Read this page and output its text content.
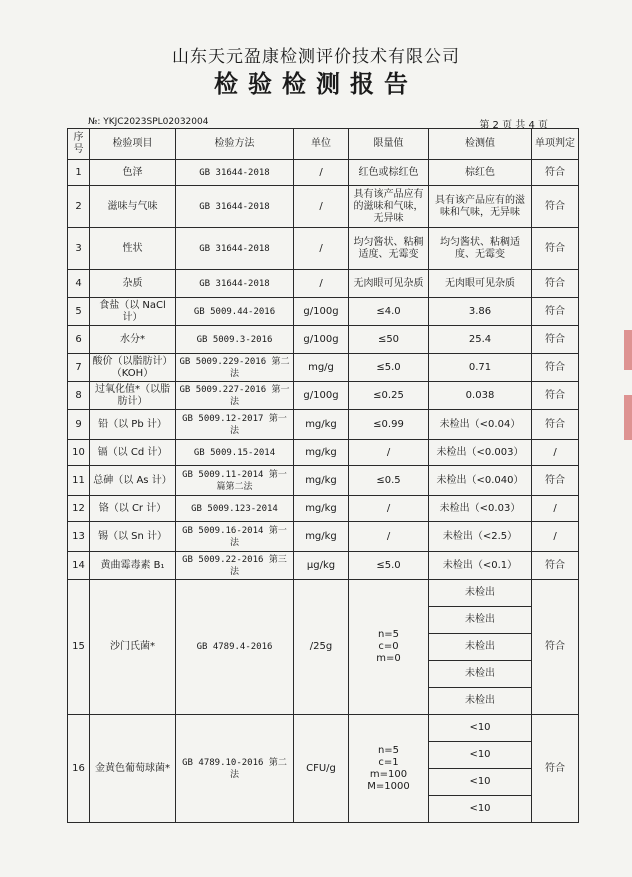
山东天元盈康检测评价技术有限公司
检验检测报告
№: YKJC2023SPL02032004	第 2 页 共 4 页
序号	检验项目	检验方法	单位	限量值	检测值	单项判定
1	色泽	GB 31644-2018	/	红色或棕红色	棕红色	符合
2	滋味与气味	GB 31644-2018	/	具有该产品应有的滋味和气味，无异味	具有该产品应有的滋味和气味，无异味	符合
3	性状	GB 31644-2018	/	均匀酱状、粘稠适度、无霉变	均匀酱状、粘稠适度、无霉变	符合
4	杂质	GB 31644-2018	/	无肉眼可见杂质	无肉眼可见杂质	符合
5	食盐（以 NaCl 计）	GB 5009.44-2016	g/100g	≤4.0	3.86	符合
6	水分*	GB 5009.3-2016	g/100g	≤50	25.4	符合
7	酸价（以脂肪计）（KOH）	GB 5009.229-2016 第二法	mg/g	≤5.0	0.71	符合
8	过氧化值*（以脂肪计）	GB 5009.227-2016 第一法	g/100g	≤0.25	0.038	符合
9	铅（以 Pb 计）	GB 5009.12-2017 第一法	mg/kg	≤0.99	未检出（<0.04）	符合
10	镉（以 Cd 计）	GB 5009.15-2014	mg/kg	/	未检出（<0.003）	/
11	总砷（以 As 计）	GB 5009.11-2014 第一篇第二法	mg/kg	≤0.5	未检出（<0.040）	符合
12	铬（以 Cr 计）	GB 5009.123-2014	mg/kg	/	未检出（<0.03）	/
13	锡（以 Sn 计）	GB 5009.16-2014 第一法	mg/kg	/	未检出（<2.5）	/
14	黄曲霉毒素 B₁	GB 5009.22-2016 第三法	μg/kg	≤5.0	未检出（<0.1）	符合
15	沙门氏菌*	GB 4789.4-2016	/25g	n=5
c=0
m=0	未检出	符合
					未检出	
					未检出	
					未检出	
					未检出	
16	金黄色葡萄球菌*	GB 4789.10-2016 第二法	CFU/g	n=5
c=1
m=100
M=1000	<10	符合
					<10	
					<10	
					<10	
